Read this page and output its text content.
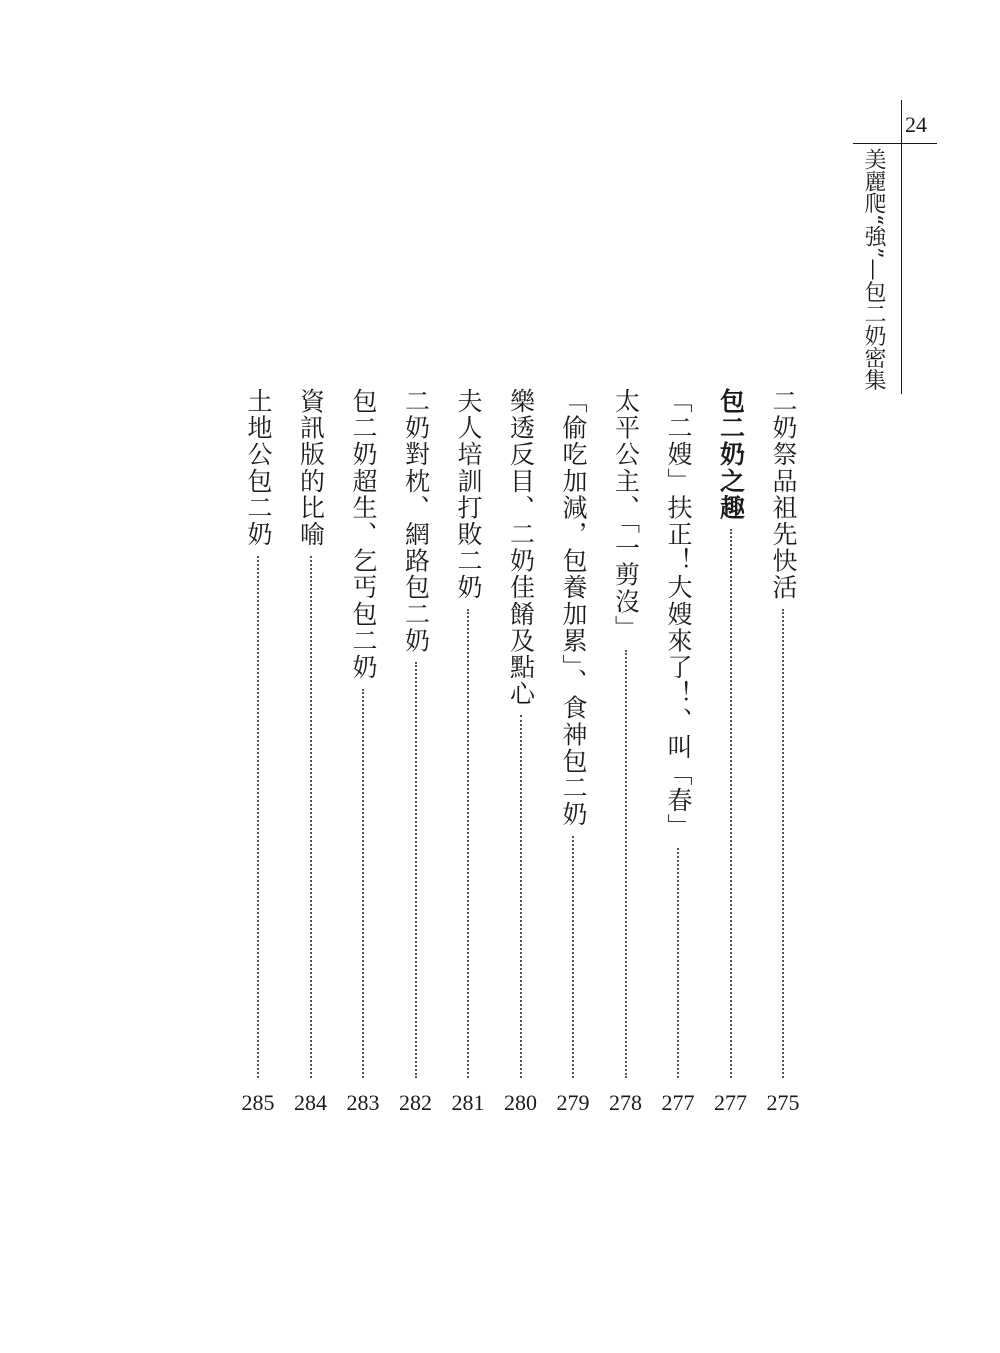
24
美麗爬“強”—包二奶密集
二奶祭品祖先快活
275
包二奶之趣
277
「二嫂」扶正！大嫂來了！、叫「春」
277
太平公主、「一剪沒」
278
「偷吃加減，包養加累」、食神包二奶
279
樂透反目、二奶佳餚及點心
280
夫人培訓打敗二奶
281
二奶對枕、網路包二奶
282
包二奶超生、乞丐包二奶
283
資訊版的比喻
284
土地公包二奶
285
